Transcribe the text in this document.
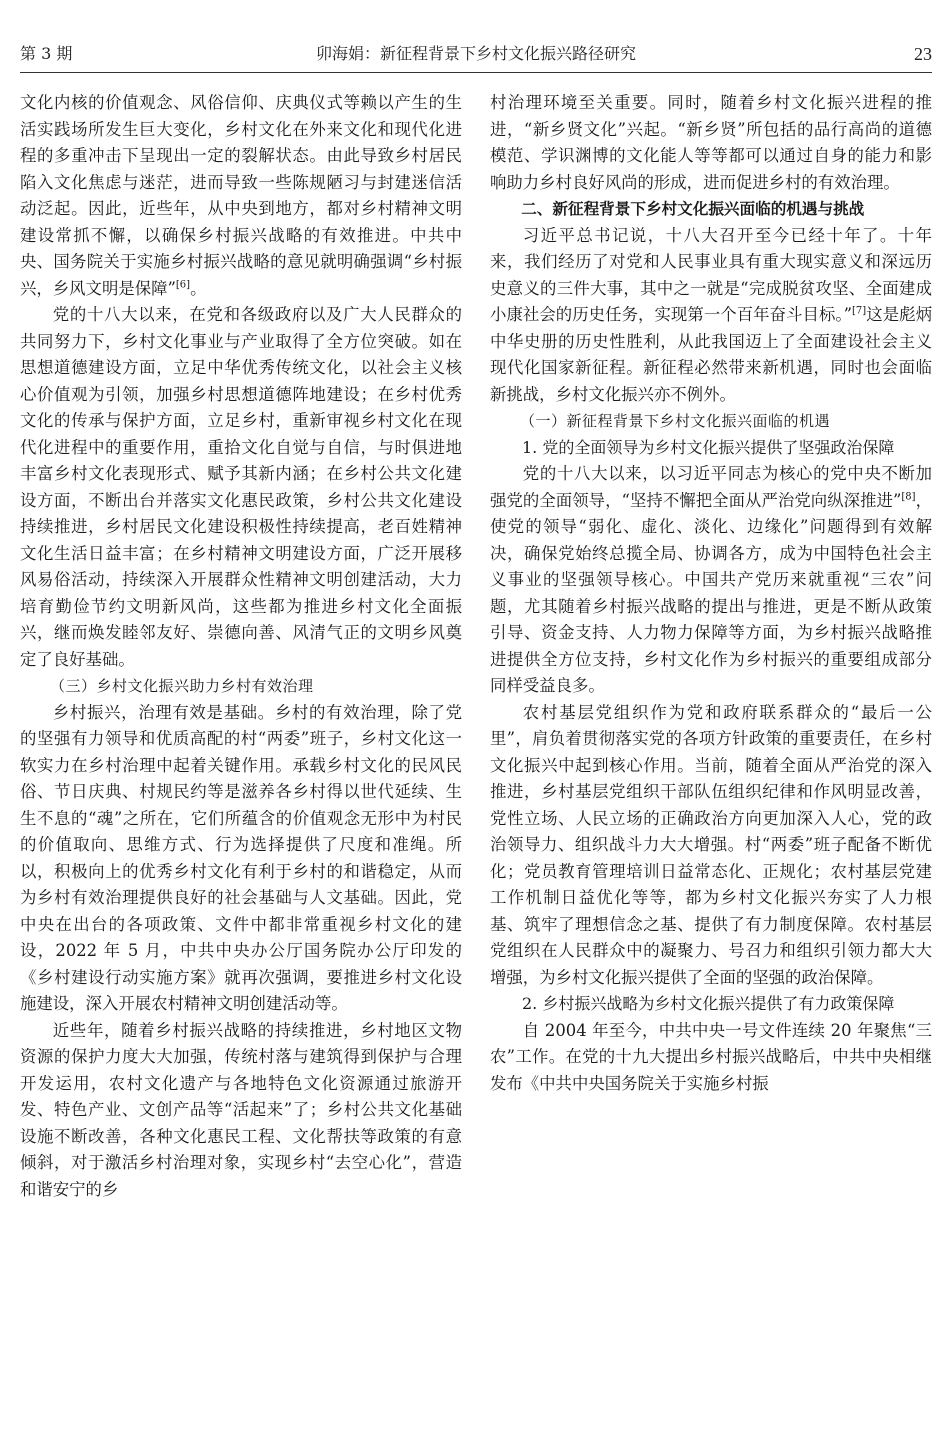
第 3 期	卯海娟：新征程背景下乡村文化振兴路径研究	23

文化内核的价值观念、风俗信仰、庆典仪式等赖以产生的生活实践场所发生巨大变化，乡村文化在外来文化和现代化进程的多重冲击下呈现出一定的裂解状态。由此导致乡村居民陷入文化焦虑与迷茫，进而导致一些陈规陋习与封建迷信活动泛起。因此，近些年，从中央到地方，都对乡村精神文明建设常抓不懈，以确保乡村振兴战略的有效推进。中共中央、国务院关于实施乡村振兴战略的意见就明确强调“乡村振兴，乡风文明是保障”[6]。

党的十八大以来，在党和各级政府以及广大人民群众的共同努力下，乡村文化事业与产业取得了全方位突破。如在思想道德建设方面，立足中华优秀传统文化，以社会主义核心价值观为引领，加强乡村思想道德阵地建设；在乡村优秀文化的传承与保护方面，立足乡村，重新审视乡村文化在现代化进程中的重要作用，重拾文化自觉与自信，与时俱进地丰富乡村文化表现形式、赋予其新内涵；在乡村公共文化建设方面，不断出台并落实文化惠民政策，乡村公共文化建设持续推进，乡村居民文化建设积极性持续提高，老百姓精神文化生活日益丰富；在乡村精神文明建设方面，广泛开展移风易俗活动，持续深入开展群众性精神文明创建活动，大力培育勤俭节约文明新风尚，这些都为推进乡村文化全面振兴，继而焕发睦邻友好、崇德向善、风清气正的文明乡风奠定了良好基础。

（三）乡村文化振兴助力乡村有效治理

乡村振兴，治理有效是基础。乡村的有效治理，除了党的坚强有力领导和优质高配的村“两委”班子，乡村文化这一软实力在乡村治理中起着关键作用。承载乡村文化的民风民俗、节日庆典、村规民约等是滋养各乡村得以世代延续、生生不息的“魂”之所在，它们所蕴含的价值观念无形中为村民的价值取向、思维方式、行为选择提供了尺度和准绳。所以，积极向上的优秀乡村文化有利于乡村的和谐稳定，从而为乡村有效治理提供良好的社会基础与人文基础。因此，党中央在出台的各项政策、文件中都非常重视乡村文化的建设，2022 年 5 月，中共中央办公厅国务院办公厅印发的《乡村建设行动实施方案》就再次强调，要推进乡村文化设施建设，深入开展农村精神文明创建活动等。

近些年，随着乡村振兴战略的持续推进，乡村地区文物资源的保护力度大大加强，传统村落与建筑得到保护与合理开发运用，农村文化遗产与各地特色文化资源通过旅游开发、特色产业、文创产品等“活起来”了；乡村公共文化基础设施不断改善，各种文化惠民工程、文化帮扶等政策的有意倾斜，对于激活乡村治理对象，实现乡村“去空心化”，营造和谐安宁的乡

村治理环境至关重要。同时，随着乡村文化振兴进程的推进，“新乡贤文化”兴起。“新乡贤”所包括的品行高尚的道德模范、学识渊博的文化能人等等都可以通过自身的能力和影响助力乡村良好风尚的形成，进而促进乡村的有效治理。

二、新征程背景下乡村文化振兴面临的机遇与挑战

习近平总书记说，十八大召开至今已经十年了。十年来，我们经历了对党和人民事业具有重大现实意义和深远历史意义的三件大事，其中之一就是“完成脱贫攻坚、全面建成小康社会的历史任务，实现第一个百年奋斗目标。”[7]这是彪炳中华史册的历史性胜利，从此我国迈上了全面建设社会主义现代化国家新征程。新征程必然带来新机遇，同时也会面临新挑战，乡村文化振兴亦不例外。

（一）新征程背景下乡村文化振兴面临的机遇

1. 党的全面领导为乡村文化振兴提供了坚强政治保障

党的十八大以来，以习近平同志为核心的党中央不断加强党的全面领导，“坚持不懈把全面从严治党向纵深推进”[8]，使党的领导“弱化、虚化、淡化、边缘化”问题得到有效解决，确保党始终总揽全局、协调各方，成为中国特色社会主义事业的坚强领导核心。中国共产党历来就重视“三农”问题，尤其随着乡村振兴战略的提出与推进，更是不断从政策引导、资金支持、人力物力保障等方面，为乡村振兴战略推进提供全方位支持，乡村文化作为乡村振兴的重要组成部分同样受益良多。

农村基层党组织作为党和政府联系群众的“最后一公里”，肩负着贯彻落实党的各项方针政策的重要责任，在乡村文化振兴中起到核心作用。当前，随着全面从严治党的深入推进，乡村基层党组织干部队伍组织纪律和作风明显改善，党性立场、人民立场的正确政治方向更加深入人心，党的政治领导力、组织战斗力大大增强。村“两委”班子配备不断优化；党员教育管理培训日益常态化、正规化；农村基层党建工作机制日益优化等等，都为乡村文化振兴夯实了人力根基、筑牢了理想信念之基、提供了有力制度保障。农村基层党组织在人民群众中的凝聚力、号召力和组织引领力都大大增强，为乡村文化振兴提供了全面的坚强的政治保障。

2. 乡村振兴战略为乡村文化振兴提供了有力政策保障

自 2004 年至今，中共中央一号文件连续 20 年聚焦“三农”工作。在党的十九大提出乡村振兴战略后，中共中央相继发布《中共中央国务院关于实施乡村振
